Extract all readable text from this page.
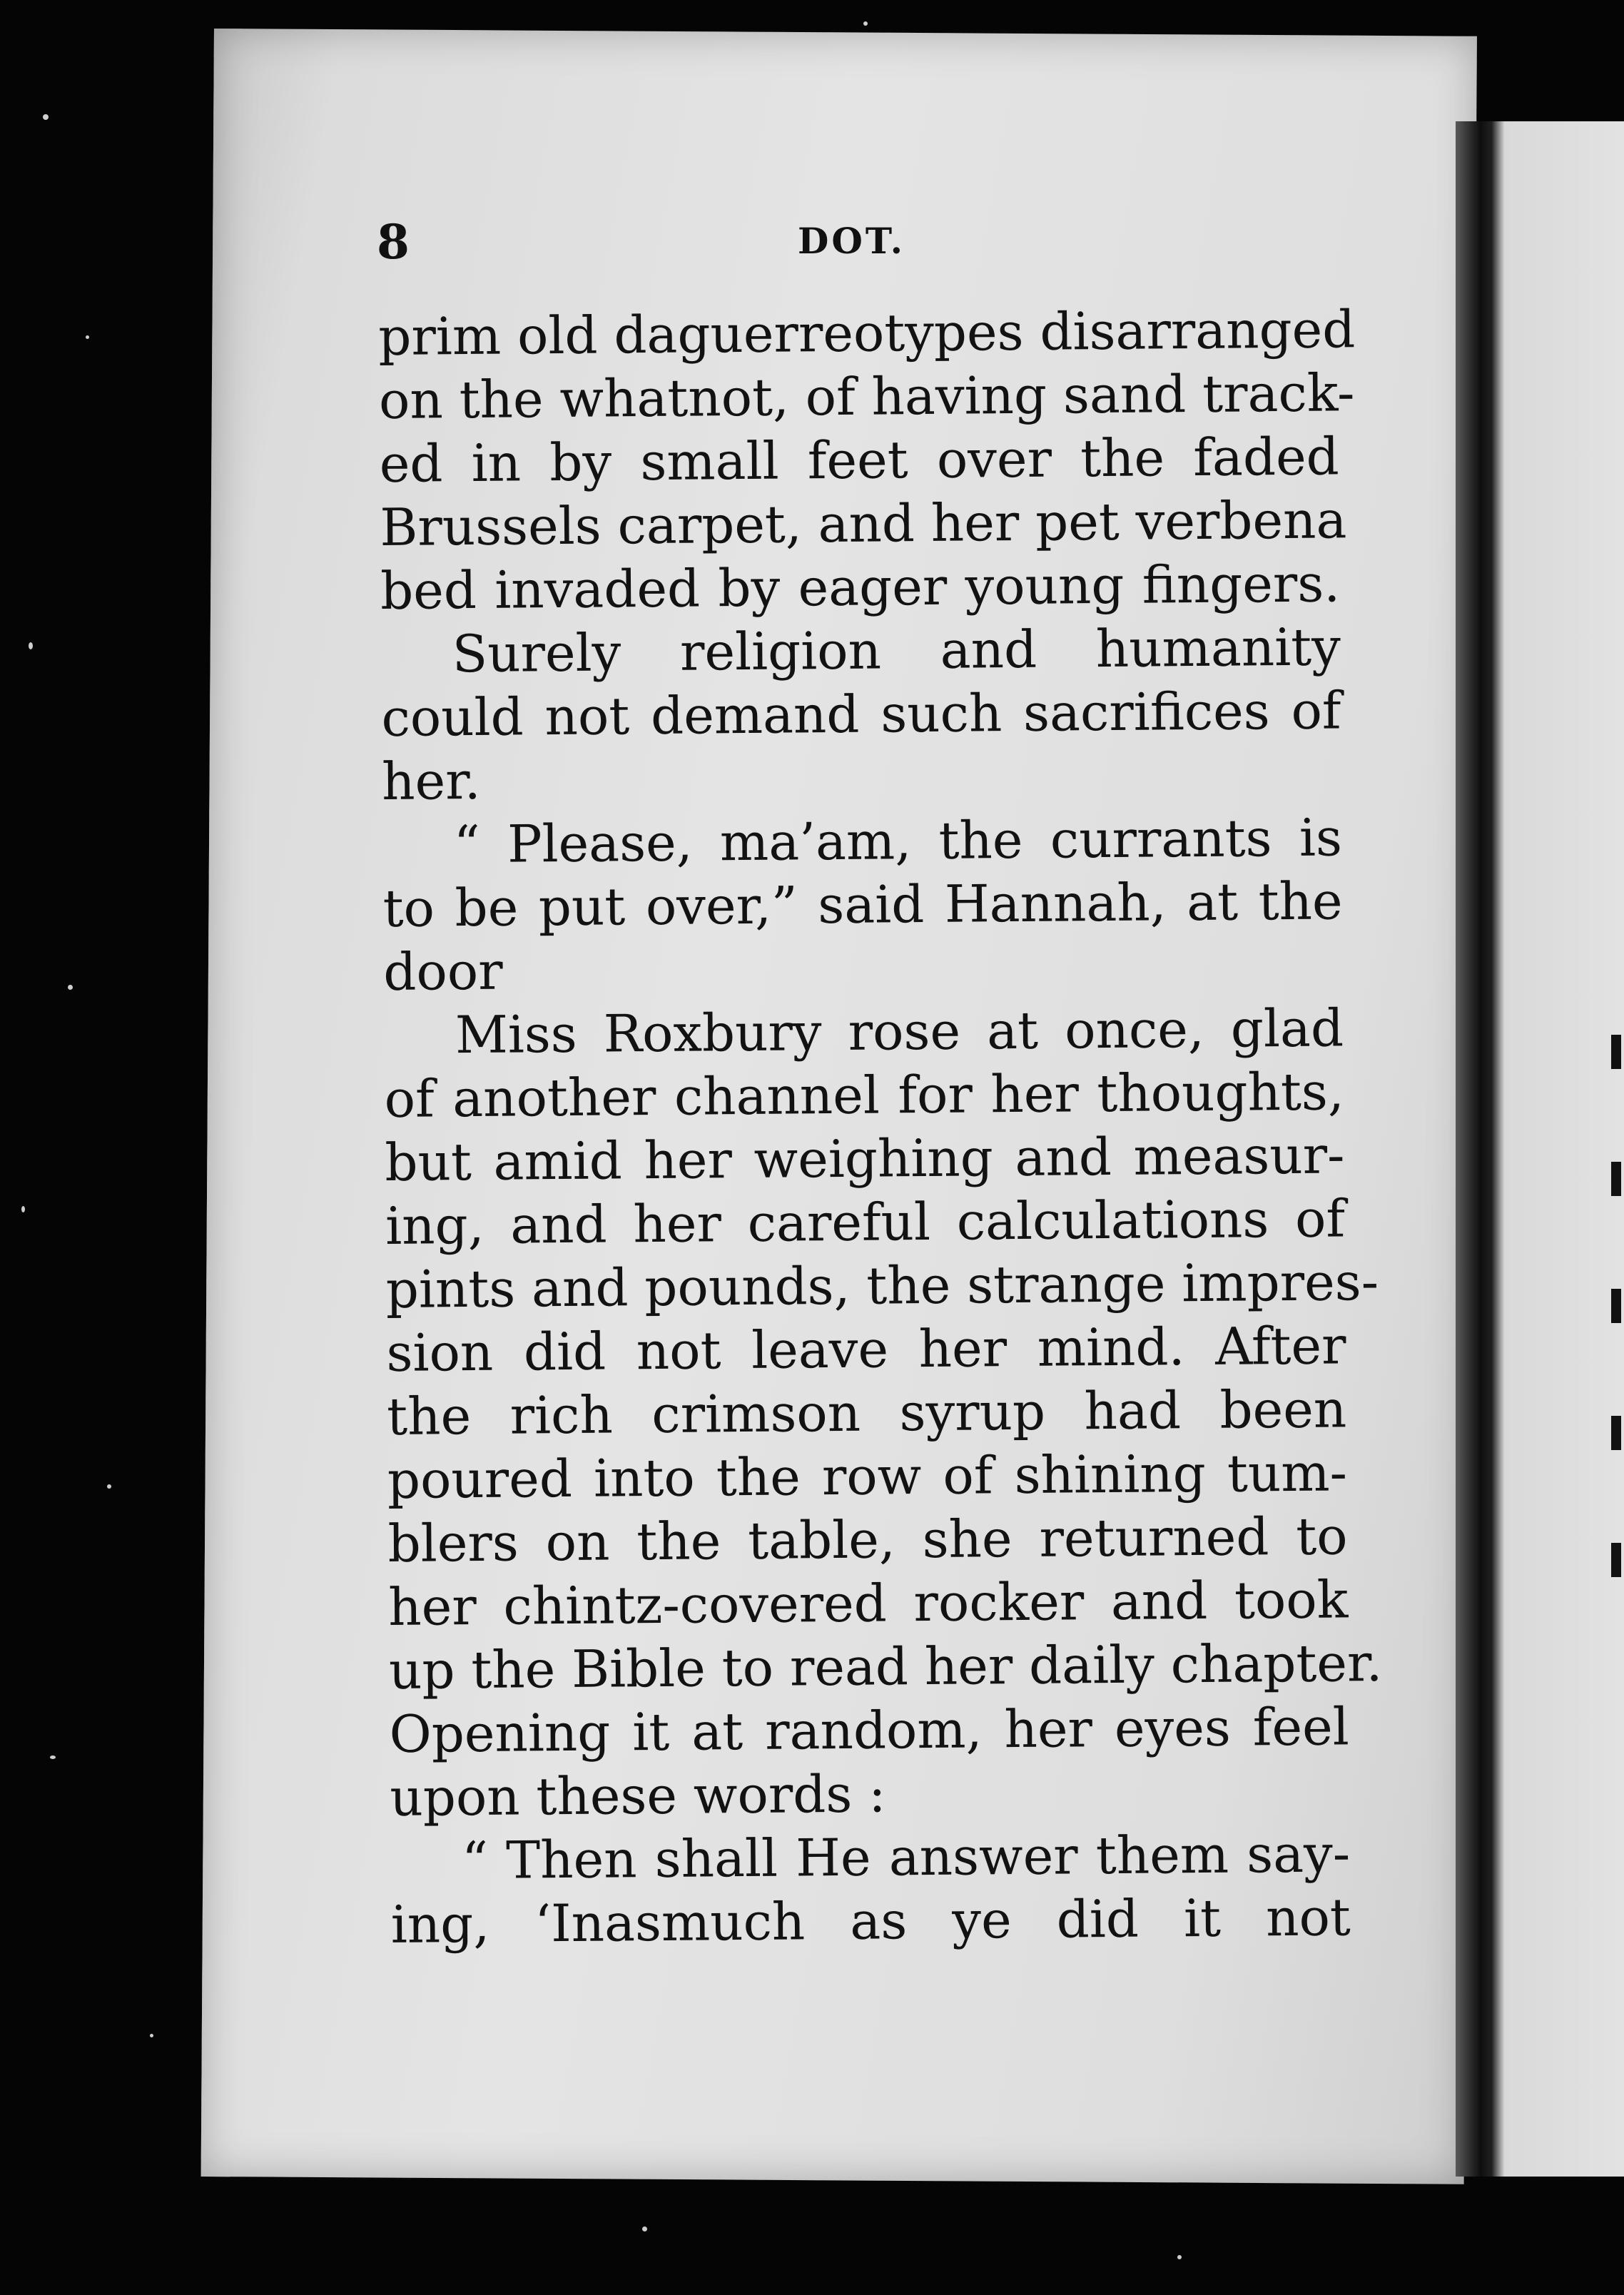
8	DOT.
prim old daguerreotypes disarranged
on the whatnot, of having sand track-
ed in by small feet over the faded
Brussels carpet, and her pet verbena
bed invaded by eager young fingers.
Surely religion and humanity
could not demand such sacrifices of
her.
“ Please, ma’am, the currants is
to be put over,” said Hannah, at the
door
Miss Roxbury rose at once, glad
of another channel for her thoughts,
but amid her weighing and measur-
ing, and her careful calculations of
pints and pounds, the strange impres-
sion did not leave her mind. After
the rich crimson syrup had been
poured into the row of shining tum-
blers on the table, she returned to
her chintz-covered rocker and took
up the Bible to read her daily chapter.
Opening it at random, her eyes feel
upon these words :
“ Then shall He answer them say-
ing, ‘Inasmuch as ye did it not
